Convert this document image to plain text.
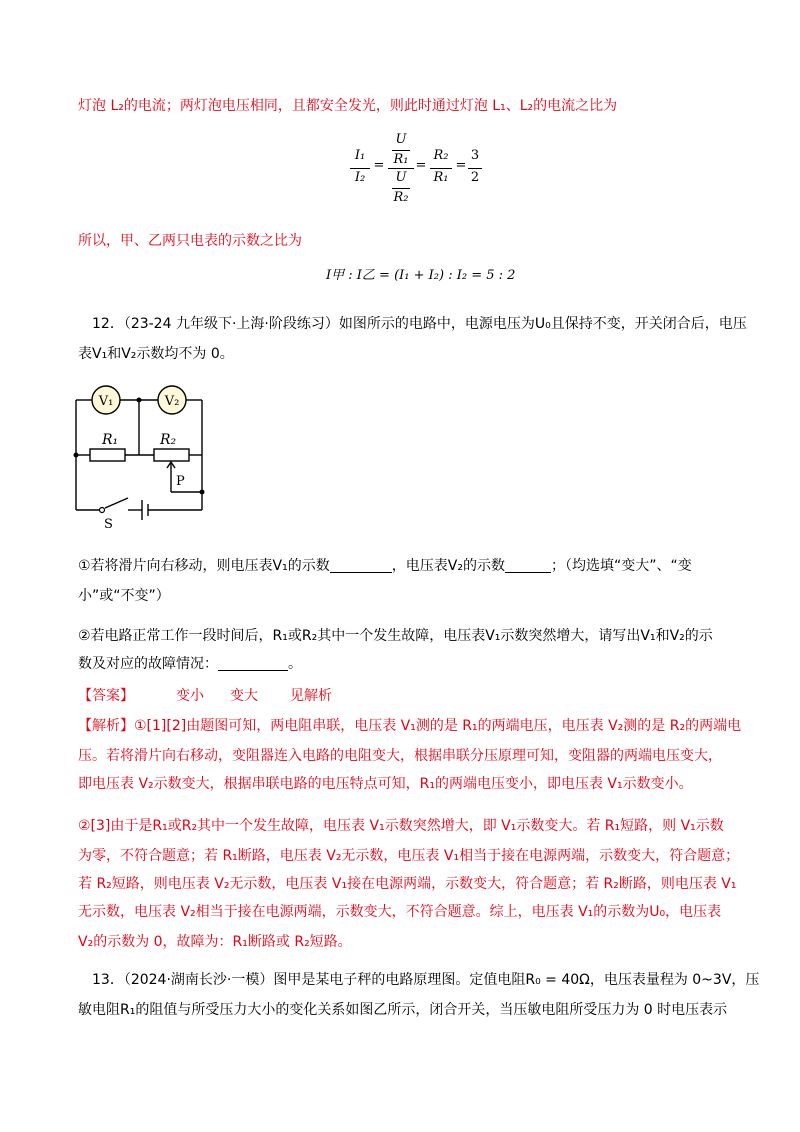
灯泡 L₂的电流；两灯泡电压相同，且都安全发光，则此时通过灯泡 L₁、L₂的电流之比为
I₁
I₂
=
U
R₁
U
R₂
=
R₂
R₁
=
3
2
所以，甲、乙两只电表的示数之比为
I甲 : I乙 = (I₁ + I₂) : I₂ = 5 : 2
12．（23-24 九年级下·上海·阶段练习）如图所示的电路中，电源电压为U₀且保持不变，开关闭合后，电压
表V₁和V₂示数均不为 0。
V₁	V₂
R₁	R₂
P
S
①若将滑片向右移动，则电压表V₁的示数	，电压表V₂的示数	；（均选填“变大”、“变
小”或“不变”）
②若电路正常工作一段时间后，R₁或R₂其中一个发生故障，电压表V₁示数突然增大，请写出V₁和V₂的示
数及对应的故障情况：	。
【答案】	变小 变大 见解析
【解析】①[1][2]由题图可知，两电阻串联，电压表 V₁测的是 R₁的两端电压，电压表 V₂测的是 R₂的两端电
压。若将滑片向右移动，变阻器连入电路的电阻变大，根据串联分压原理可知，变阻器的两端电压变大，
即电压表 V₂示数变大，根据串联电路的电压特点可知，R₁的两端电压变小，即电压表 V₁示数变小。
②[3]由于是R₁或R₂其中一个发生故障，电压表 V₁示数突然增大，即 V₁示数变大。若 R₁短路，则 V₁示数
为零，不符合题意；若 R₁断路，电压表 V₂无示数，电压表 V₁相当于接在电源两端，示数变大，符合题意；
若 R₂短路，则电压表 V₂无示数，电压表 V₁接在电源两端，示数变大，符合题意；若 R₂断路，则电压表 V₁
无示数，电压表 V₂相当于接在电源两端，示数变大，不符合题意。综上，电压表 V₁的示数为U₀，电压表
V₂的示数为 0，故障为：R₁断路或 R₂短路。
13．（2024·湖南长沙·一模）图甲是某电子秤的电路原理图。定值电阻R₀ = 40Ω，电压表量程为 0~3V，压
敏电阻R₁的阻值与所受压力大小的变化关系如图乙所示，闭合开关，当压敏电阻所受压力为 0 时电压表示
